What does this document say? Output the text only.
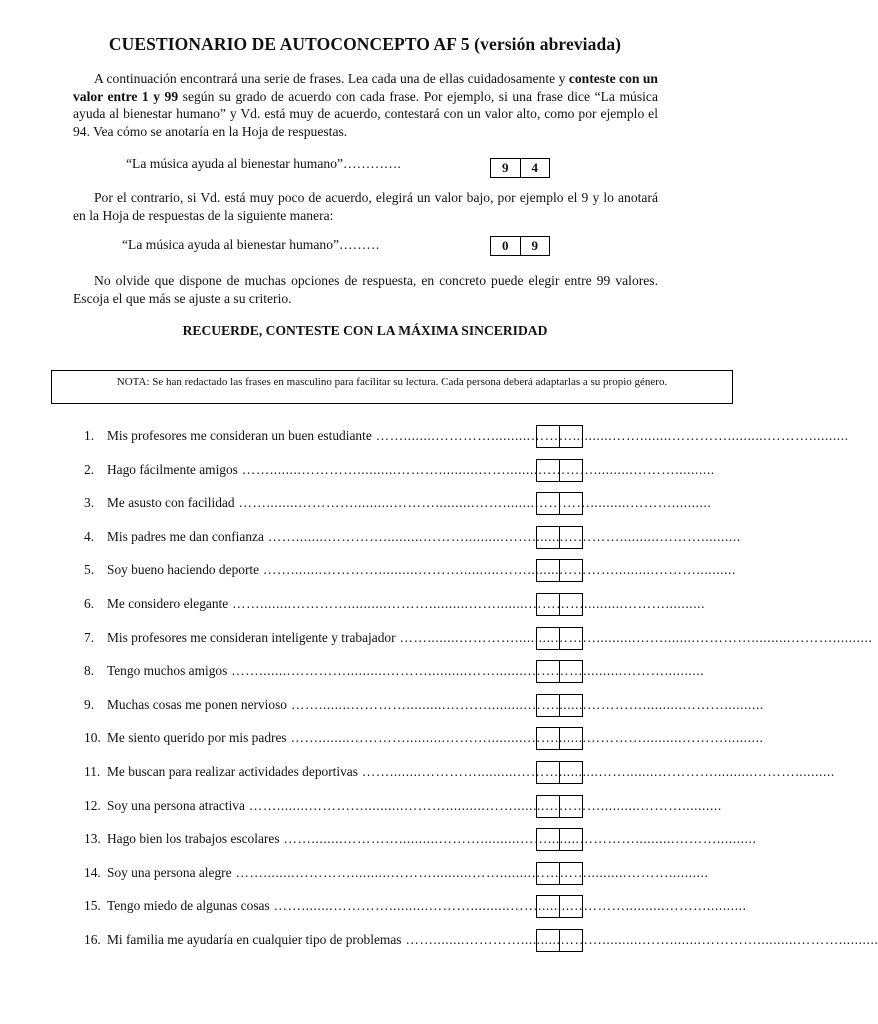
CUESTIONARIO DE AUTOCONCEPTO AF 5 (versión abreviada)
A continuación encontrará una serie de frases. Lea cada una de ellas cuidadosamente y conteste con un valor entre 1 y 99 según su grado de acuerdo con cada frase. Por ejemplo, si una frase dice “La música ayuda al bienestar humano” y Vd. está muy de acuerdo, contestará con un valor alto, como por ejemplo el 94. Vea cómo se anotaría en la Hoja de respuestas.
“La música ayuda al bienestar humano”………….	9	4
Por el contrario, si Vd. está muy poco de acuerdo, elegirá un valor bajo, por ejemplo el 9 y lo anotará en la Hoja de respuestas de la siguiente manera:
“La música ayuda al bienestar humano”………	0	9
No olvide que dispone de muchas opciones de respuesta, en concreto puede elegir entre 99 valores. Escoja el que más se ajuste a su criterio.
RECUERDE, CONTESTE CON LA MÁXIMA SINCERIDAD
NOTA: Se han redactado las frases en masculino para facilitar su lectura. Cada persona deberá adaptarlas a su propio género.
1. Mis profesores me consideran un buen estudiante ……........…………..........………..........……........…………..........………..........
2. Hago fácilmente amigos ……........…………..........………..........……........…………..........………..........
3. Me asusto con facilidad ……........…………..........………..........……........…………..........………..........
4. Mis padres me dan confianza ……........…………..........………..........……........…………..........………..........
5. Soy bueno haciendo deporte ……........…………..........………..........……........…………..........………..........
6. Me considero elegante ……........…………..........………..........……........…………..........………..........
7. Mis profesores me consideran inteligente y trabajador ……........…………..........………..........……........…………..........………..........
8. Tengo muchos amigos ……........…………..........………..........……........…………..........………..........
9. Muchas cosas me ponen nervioso ……........…………..........………..........……........…………..........………..........
10. Me siento querido por mis padres ……........…………..........………..........……........…………..........………..........
11. Me buscan para realizar actividades deportivas ……........…………..........………..........……........…………..........………..........
12. Soy una persona atractiva ……........…………..........………..........……........…………..........………..........
13. Hago bien los trabajos escolares ……........…………..........………..........……........…………..........………..........
14. Soy una persona alegre ……........…………..........………..........……........…………..........………..........
15. Tengo miedo de algunas cosas ……........…………..........………..........……........…………..........………..........
16. Mi familia me ayudaría en cualquier tipo de problemas ……........…………..........………..........……........…………..........………..........
